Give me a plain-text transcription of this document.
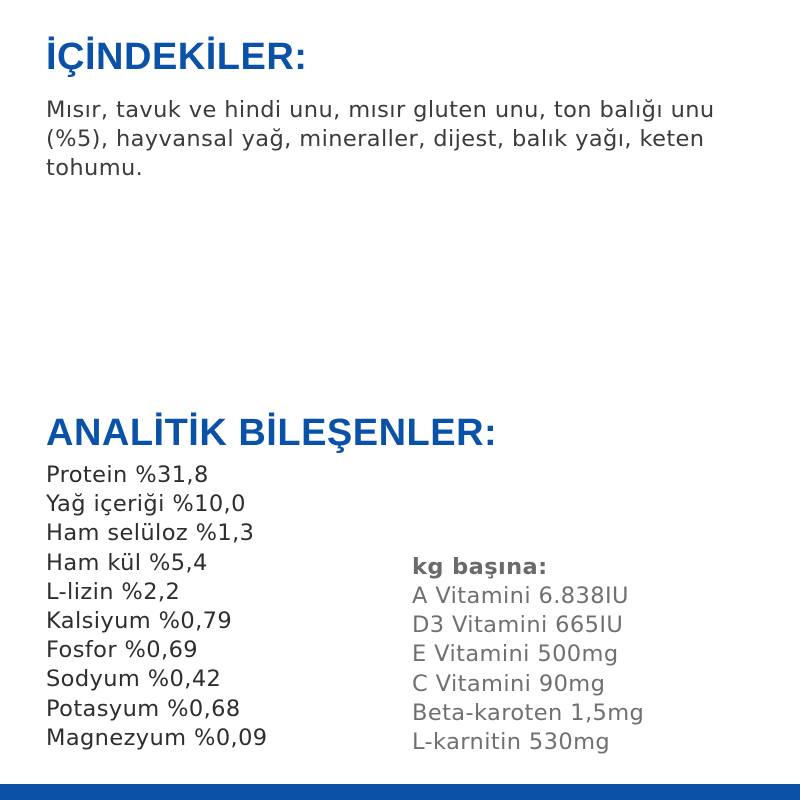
İÇİNDEKİLER:

Mısır, tavuk ve hindi unu, mısır gluten unu, ton balığı unu (%5), hayvansal yağ, mineraller, dijest, balık yağı, keten tohumu.

ANALİTİK BİLEŞENLER:
Protein %31,8
Yağ içeriği %10,0
Ham selüloz %1,3
Ham kül %5,4
L-lizin %2,2
Kalsiyum %0,79
Fosfor %0,69
Sodyum %0,42
Potasyum %0,68
Magnezyum %0,09

kg başına:

A Vitamini 6.838IU
D3 Vitamini 665IU
E Vitamini 500mg
C Vitamini 90mg
Beta-karoten 1,5mg
L-karnitin 530mg
